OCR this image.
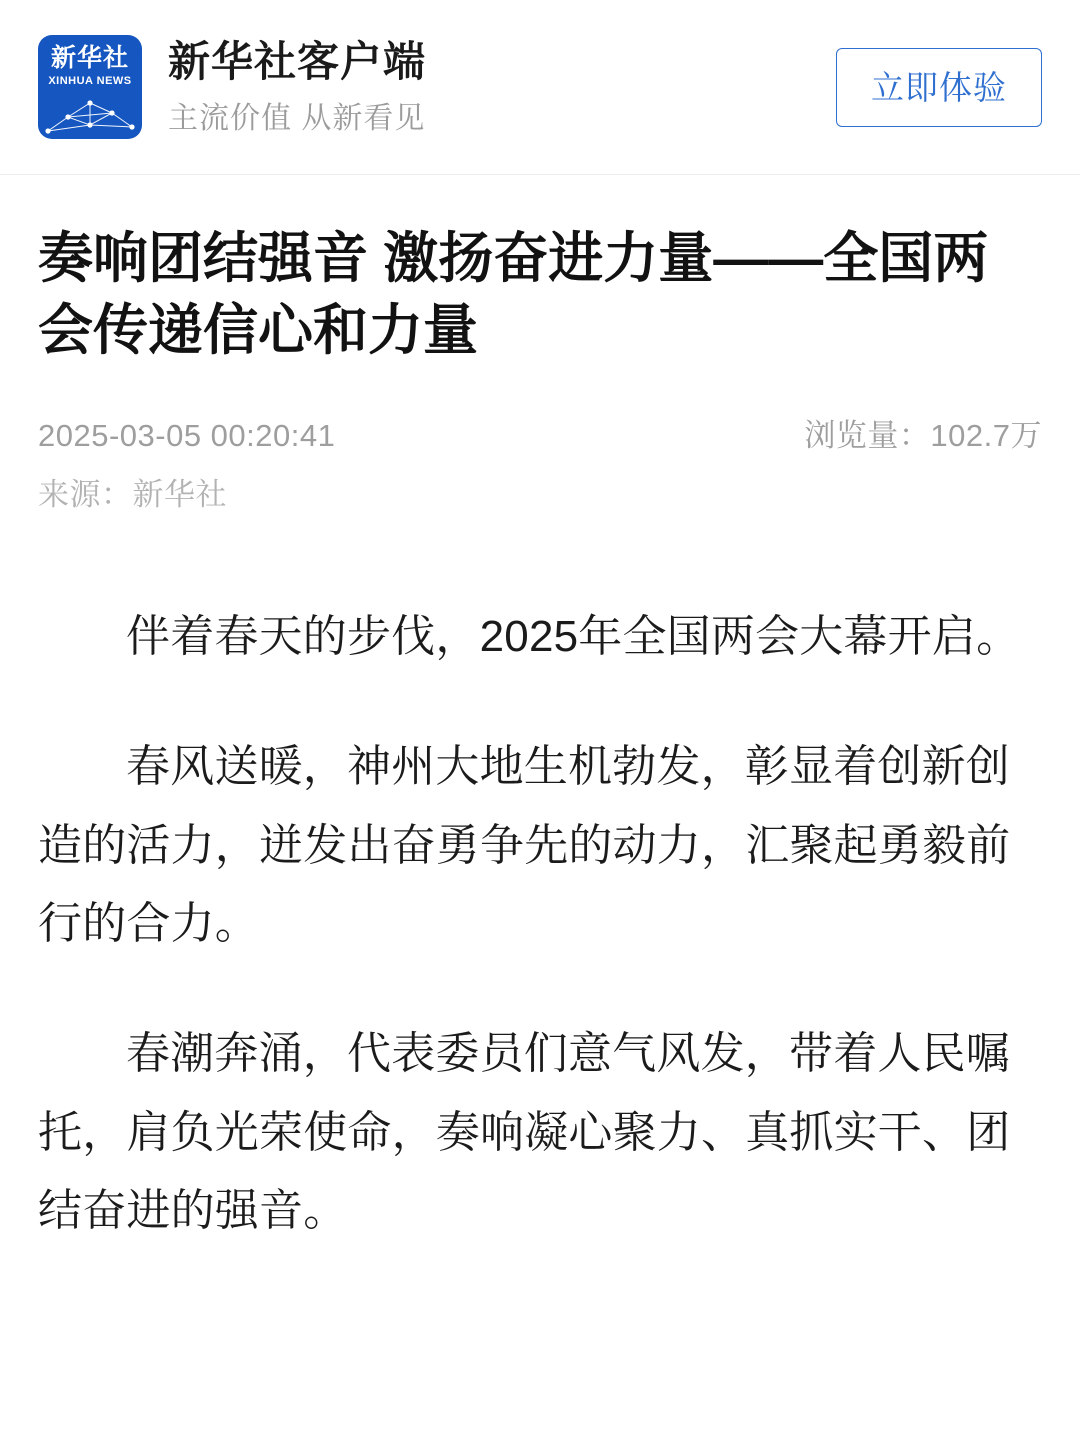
新华社
XINHUA NEWS 新华社客户端
主流价值 从新看见
立即体验
奏响团结强音 激扬奋进力量——全国两会传递信心和力量
2025-03-05 00:20:41	浏览量：102.7万
来源：新华社

伴着春天的步伐，2025年全国两会大幕开启。

春风送暖，神州大地生机勃发，彰显着创新创造的活力，迸发出奋勇争先的动力，汇聚起勇毅前行的合力。

春潮奔涌，代表委员们意气风发，带着人民嘱托，肩负光荣使命，奏响凝心聚力、真抓实干、团结奋进的强音。
